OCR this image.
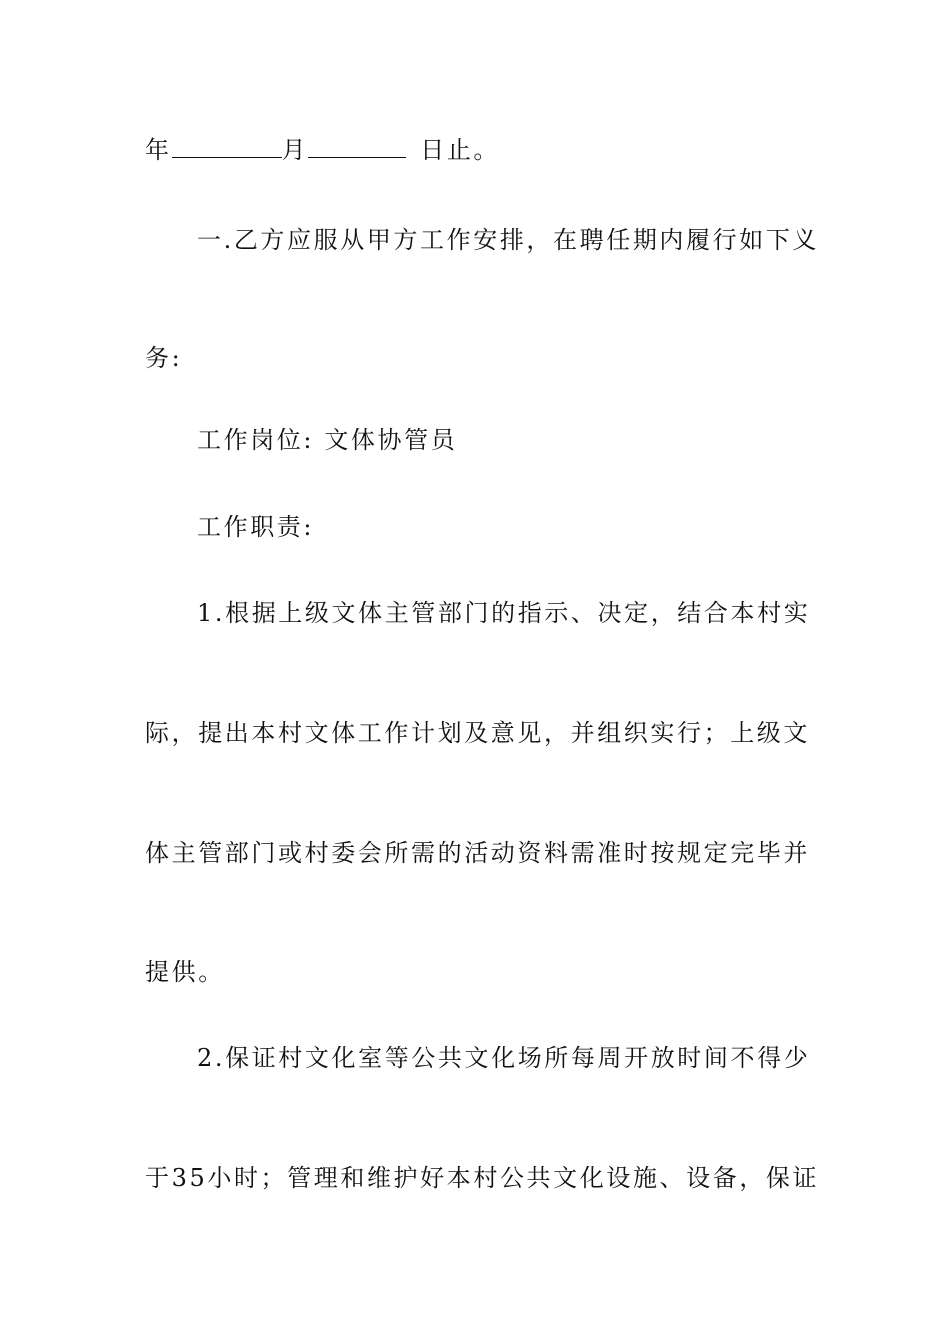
年	月	日止。
一.乙方应服从甲方工作安排，在聘任期内履行如下义
务:
工作岗位: 文体协管员
工作职责:
1.根据上级文体主管部门的指示、决定，结合本村实
际，提出本村文体工作计划及意见，并组织实行；上级文
体主管部门或村委会所需的活动资料需准时按规定完毕并
提供。
2.保证村文化室等公共文化场所每周开放时间不得少
于35小时；管理和维护好本村公共文化设施、设备，保证
